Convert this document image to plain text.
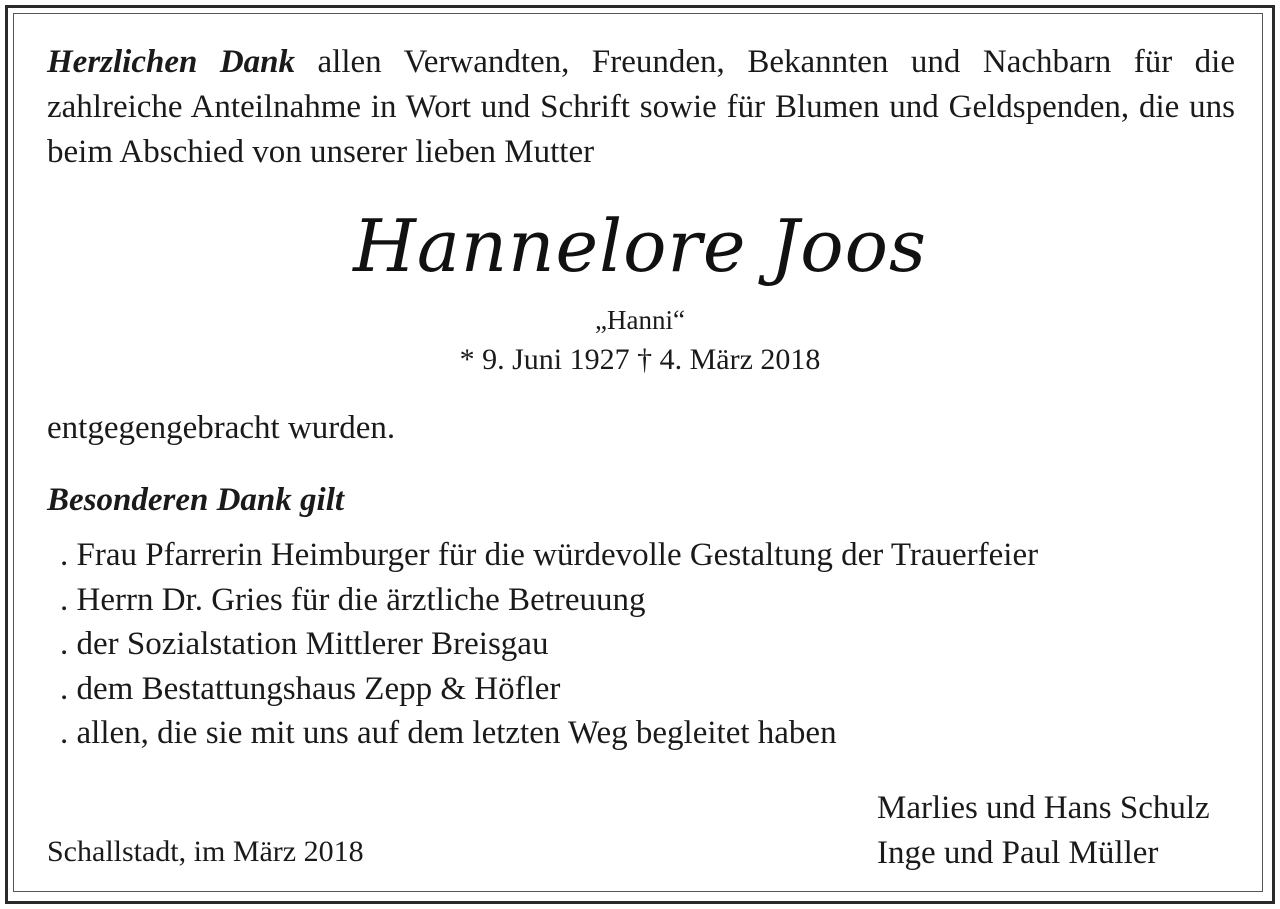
Herzlichen Dank allen Verwandten, Freunden, Bekannten und Nachbarn für die zahlreiche Anteilnahme in Wort und Schrift sowie für Blumen und Geldspenden, die uns beim Abschied von unserer lieben Mutter
Hannelore Joos
„Hanni“
* 9. Juni 1927 † 4. März 2018
entgegengebracht wurden.
Besonderen Dank gilt
. Frau Pfarrerin Heimburger für die würdevolle Gestaltung der Trauerfeier
. Herrn Dr. Gries für die ärztliche Betreuung
. der Sozialstation Mittlerer Breisgau
. dem Bestattungshaus Zepp & Höfler
. allen, die sie mit uns auf dem letzten Weg begleitet haben
Schallstadt, im März 2018
Marlies und Hans Schulz
Inge und Paul Müller
